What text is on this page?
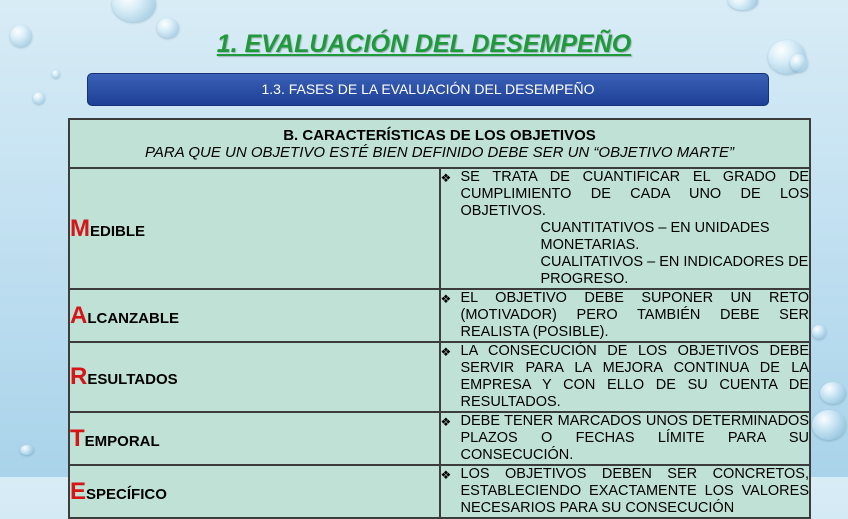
1. EVALUACIÓN DEL DESEMPEÑO
1.3. FASES DE LA EVALUACIÓN DEL DESEMPEÑO
B. CARACTERÍSTICAS DE LOS OBJETIVOS
PARA QUE UN OBJETIVO ESTÉ BIEN DEFINIDO DEBE SER UN “OBJETIVO MARTE”	

MEDIBLE	❖ SE TRATA DE CUANTIFICAR EL GRADO DE CUMPLIMIENTO DE CADA UNO DE LOS OBJETIVOS.
CUANTITATIVOS – EN UNIDADES MONETARIAS.
CUALITATIVOS – EN INDICADORES DE PROGRESO.

ALCANZABLE	❖ EL OBJETIVO DEBE SUPONER UN RETO (MOTIVADOR) PERO TAMBIÉN DEBE SER REALISTA (POSIBLE).

RESULTADOS	❖ LA CONSECUCIÓN DE LOS OBJETIVOS DEBE SERVIR PARA LA MEJORA CONTINUA DE LA EMPRESA Y CON ELLO DE SU CUENTA DE RESULTADOS.

TEMPORAL	❖ DEBE TENER MARCADOS UNOS DETERMINADOS PLAZOS O FECHAS LÍMITE PARA SU CONSECUCIÓN.

ESPECÍFICO	❖ LOS OBJETIVOS DEBEN SER CONCRETOS, ESTABLECIENDO EXACTAMENTE LOS VALORES NECESARIOS PARA SU CONSECUCIÓN
